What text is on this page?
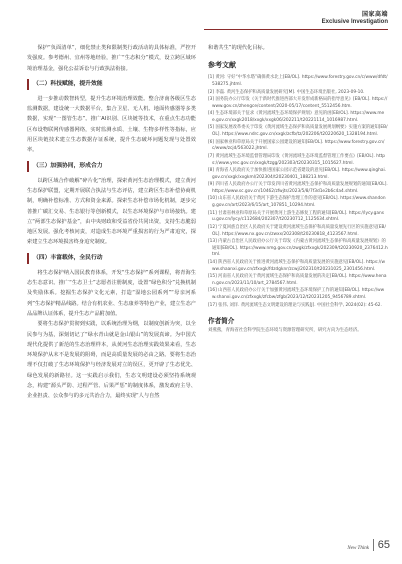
国家高端
Exclusive Investigation

保护“负面清单”，细化禁止类和限制类行政活动的具体标准，严控开发强度。参考德州、宜州等地经验，推广“生态积分”模式，设立跨区域环境治理基金，强化公益诉讼与行政执法衔接。

（二）科技赋能，提升效能

进一步推动数智转型，提升生态环境治理效能。整合济南各级区生态监测数据，建设统一大数据平台，集合卫星、无人机、地面传感器等多类数据，实现“一图管生态”。推广AI识别、区块链等技术，在重点生态功能区布设物联网传感器网络，实时监测水质、土壤、生物多样性等指标，应用区块链技术建立生态数据存证系统，提升生态破坏问题发现与处置效率。

（三）加强协同，形成合力

以跨区域合作破解“碎片化”治理，探索黄河生态治理模式，建立黄河生态保护联盟，定期开展联合执法与生态评估，建立跨区生态补偿协商机制，明确补偿标准、方式和资金来源。探索生态补偿市场化机制，逐步完善推广碳汇交易、生态银行等创新模式，以生态环境保护与市场接轨。建立“两部生态保护基金”，由中央财政和受益省份共同出资，支持生态脆弱地区发展。强化考核问责，对造成生态环境严重损害的行为严肃追究，探索建立生态环境损害终身追究制度。

（四）丰富载体，全民行动

将生态保护纳入国民教育体系，开发“生态保护”系列课程，将青海生态生态意识。推广“生态卫士”志愿者注册制度，设置“绿色积分”兑换机制及奖励体系。挖掘生态保护文化元素，打造“湿地公园系列”“母亲河系列”生态保护精品线路。结合有机农业、生态康养等特色产业，建立生态产品品牌认证体系，提升生态产品附加值。

要将生态保护贯彻到实践，以系统治理为纲，以制度创新为突，以全民参与为基，深刻切记了“绿水青山就是金山银山”的发展真谛。为中国式现代化提供了新范的生态治理样本，从黄河生态治理实践效果来看，生态环境保护从末不是发展的阻碍，而是高质量发展的必由之路。要将生态治理不仅打破了生态环境保护与经济发展对立的误区，更开辟了生态优先、绿色发展的新路径。这一实践启示我们，生态文明建设必须坚持系统观念，构建“源头严防、过程严管、后果严惩”的制度体系，激发政府主导、企业担责、公众参与的多元共治合力，最终实现“人与自然

和谐共生”的现代化目标。

参考文献

[1] 黄河: 守好“中华水塔”确保黄水北上[EB/OL]. https://www.forestry.gov.cn/c/www/dfdt/538275.jhtml.

[2] 李磊. 黄河生态保护和高质量发展研究[M]. 中国生态环境出版社, 2023-09-10.

[3] 国务院办公厅印发《关于新时代推进西部大开发形成新格局的指导意见》[EB/OL]. https://www.gov.cn/zhengce/content/2020-05/17/content_5512456.htm.

[4] 生态环境部关于征求《黄河流域生态环境保护规划》意见的函[EB/OL]. https://www.mee.gov.cn/xxgk2018/xxgk/xxgk06/202211/t20221114_1016987.html.

[5] 国家发展改革委关于印发《黄河流域生态保护和高质量发展规划纲要》实施方案的通知[EB/OL]. https://www.ndrc.gov.cn/xxgk/zcfb/tz/202206/t20220620_1328194.html.

[6] 国家林业和草原局关于开展国家公园建设的通知[EB/OL]. https://www.forestry.gov.cn/c/www/zcjd/563022.jhtml.

[7] 黄河流域生态环境监督管理局印发《黄河流域生态环境监督管理工作要点》[EB/OL]. https://www.yrec.gov.cn/xxgk/tzgg/202303/t20230315_1015627.html.

[8] 青海省人民政府关于加快推进国家公园示范省建设的意见[EB/OL]. https://www.qinghai.gov.cn/xxgk/xxgkml/202304/t20230401_188213.html.

[9] 四川省人民政府办公厅关于印发四川省黄河流域生态保护和高质量发展规划的通知[EB/OL]. https://www.sc.gov.cn/10462/zfwjts/2023/5/8/7f3d1e2b6c4a4.shtml.

[10] 山东省人民政府关于黄河下游生态保护治理工作的意见[EB/OL]. https://www.shandong.gov.cn/art/2023/6/15/art_107851_10294.html.

[11] 甘肃省林业和草原局关于开展黄河上游生态修复工程的通知[EB/OL]. https://lycy.gansu.gov.cn/lycy/c112684/202307/t20230712_1125634.shtml.

[12] 宁夏回族自治区人民政府关于建设黄河流域生态保护和高质量发展先行区的实施意见[EB/OL]. https://www.nx.gov.cn/zwxx/202308/t20230818_4123567.html.

[13] 内蒙古自治区人民政府办公厅关于印发《内蒙古黄河流域生态保护和高质量发展规划》的通知[EB/OL]. https://www.nmg.gov.cn/zwgk/zfxxgk/202309/t20230920_2376412.html.

[14] 陕西省人民政府关于推进黄河流域生态保护和高质量发展的实施意见[EB/OL]. https://www.shaanxi.gov.cn/zfxxgk/fdzdgknr/zcwj/202310/t20231025_2301456.html.

[15] 河南省人民政府关于黄河流域生态保护和高质量发展的决定[EB/OL]. https://www.henan.gov.cn/2023/11/10/art_2784567.html.

[16] 山西省人民政府办公厅关于加强黄河流域生态环境保护工作的通知[EB/OL]. https://www.shanxi.gov.cn/zfxxgk/zfcbw/zfgb/2023/12/t20231205_9456789.shtml.

[17] 张伟, 刘洋. 黄河流域生态文明建设的理论与实践[J]. 中国社会科学, 2024(02): 45-62.

作者简介

刘燕燕，青海省社会科学院生态环境与资源管理研究所，研究方向为生态经济。

New Think 65
